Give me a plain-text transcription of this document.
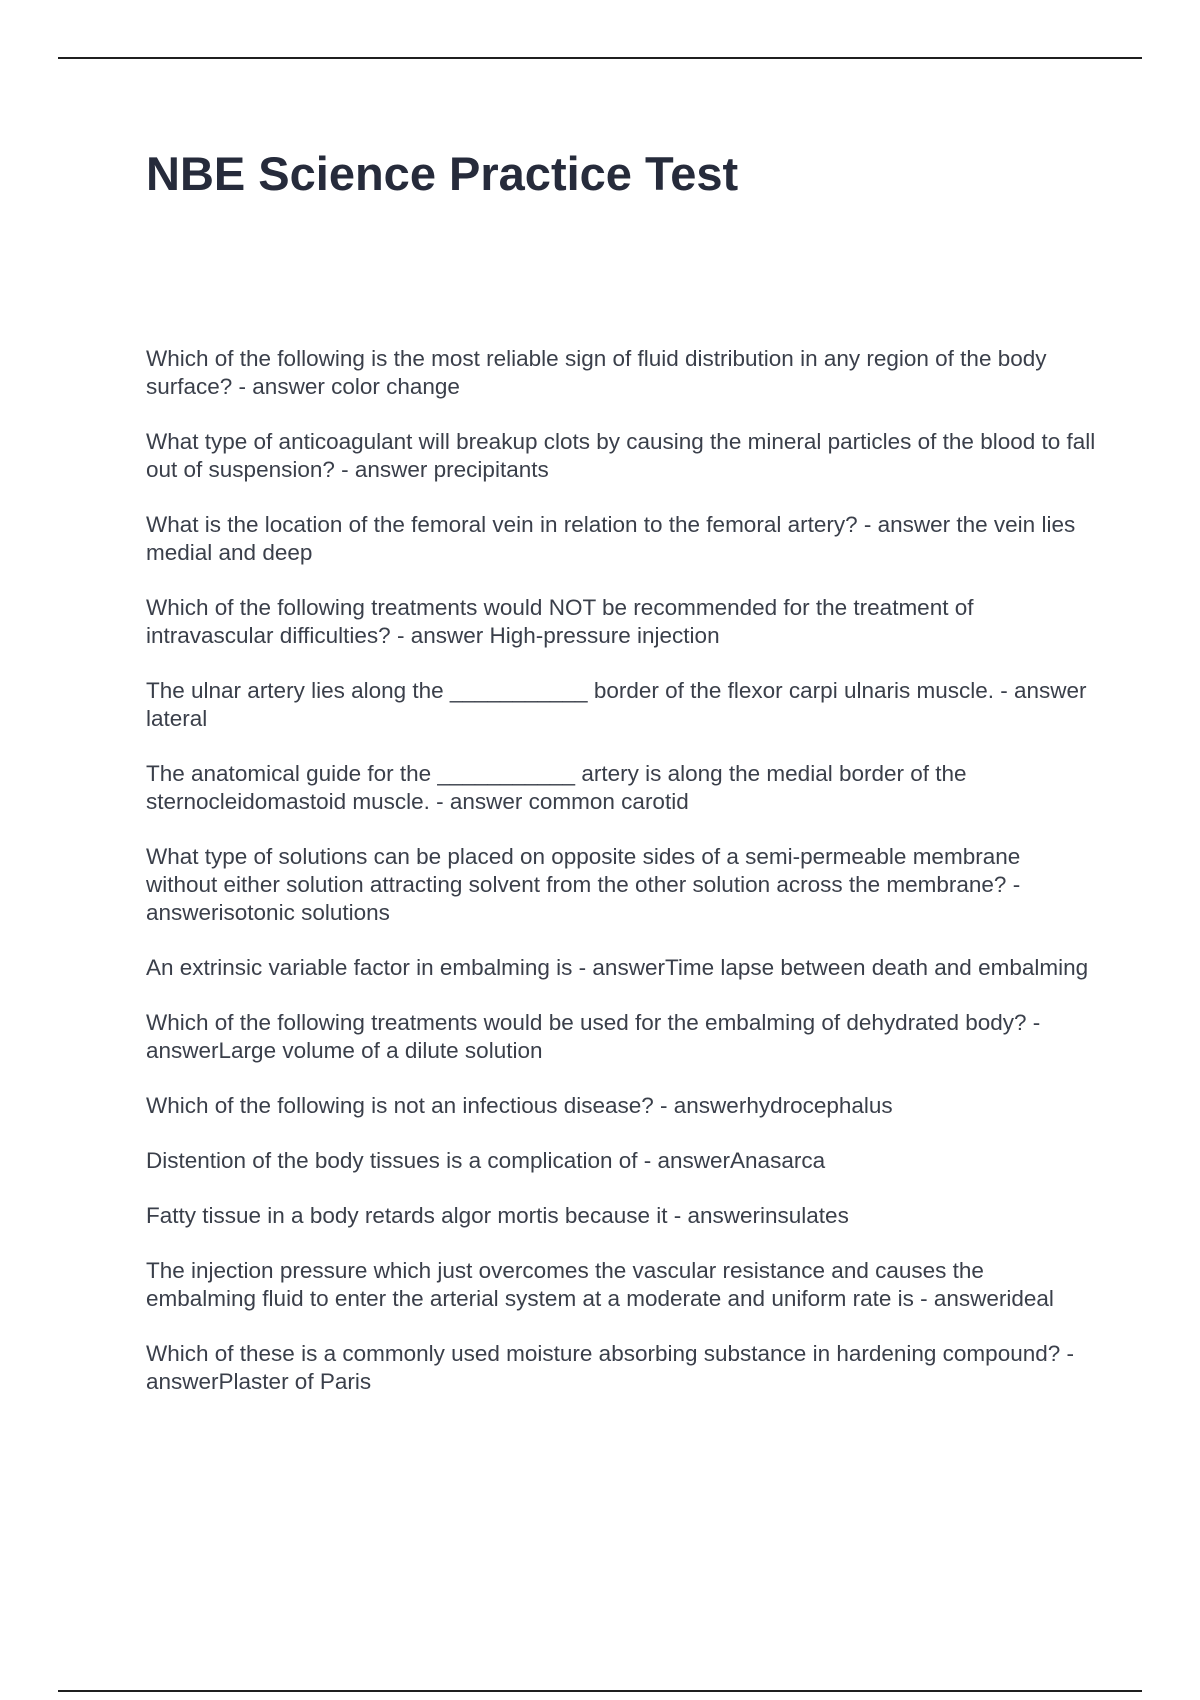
NBE Science Practice Test

Which of the following is the most reliable sign of fluid distribution in any region of the body surface? - answer color change

What type of anticoagulant will breakup clots by causing the mineral particles of the blood to fall out of suspension? - answer precipitants

What is the location of the femoral vein in relation to the femoral artery? - answer the vein lies medial and deep

Which of the following treatments would NOT be recommended for the treatment of intravascular difficulties? - answer High-pressure injection

The ulnar artery lies along the ___________ border of the flexor carpi ulnaris muscle. - answer lateral

The anatomical guide for the ___________ artery is along the medial border of the sternocleidomastoid muscle. - answer common carotid

What type of solutions can be placed on opposite sides of a semi-permeable membrane without either solution attracting solvent from the other solution across the membrane? - answerisotonic solutions

An extrinsic variable factor in embalming is - answerTime lapse between death and embalming

Which of the following treatments would be used for the embalming of dehydrated body? - answerLarge volume of a dilute solution

Which of the following is not an infectious disease? - answerhydrocephalus

Distention of the body tissues is a complication of - answerAnasarca

Fatty tissue in a body retards algor mortis because it - answerinsulates

The injection pressure which just overcomes the vascular resistance and causes the embalming fluid to enter the arterial system at a moderate and uniform rate is - answerideal

Which of these is a commonly used moisture absorbing substance in hardening compound? - answerPlaster of Paris
